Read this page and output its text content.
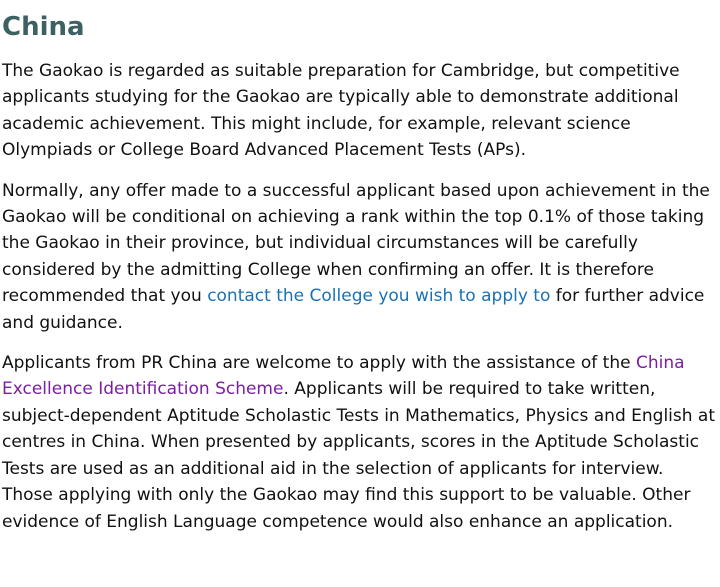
China

The Gaokao is regarded as suitable preparation for Cambridge, but competitive applicants studying for the Gaokao are typically able to demonstrate additional academic achievement. This might include, for example, relevant science Olympiads or College Board Advanced Placement Tests (APs).

Normally, any offer made to a successful applicant based upon achievement in the Gaokao will be conditional on achieving a rank within the top 0.1% of those taking the Gaokao in their province, but individual circumstances will be carefully considered by the admitting College when confirming an offer. It is therefore recommended that you contact the College you wish to apply to for further advice and guidance.

Applicants from PR China are welcome to apply with the assistance of the China Excellence Identification Scheme. Applicants will be required to take written, subject-dependent Aptitude Scholastic Tests in Mathematics, Physics and English at centres in China. When presented by applicants, scores in the Aptitude Scholastic Tests are used as an additional aid in the selection of applicants for interview. Those applying with only the Gaokao may find this support to be valuable. Other evidence of English Language competence would also enhance an application.
